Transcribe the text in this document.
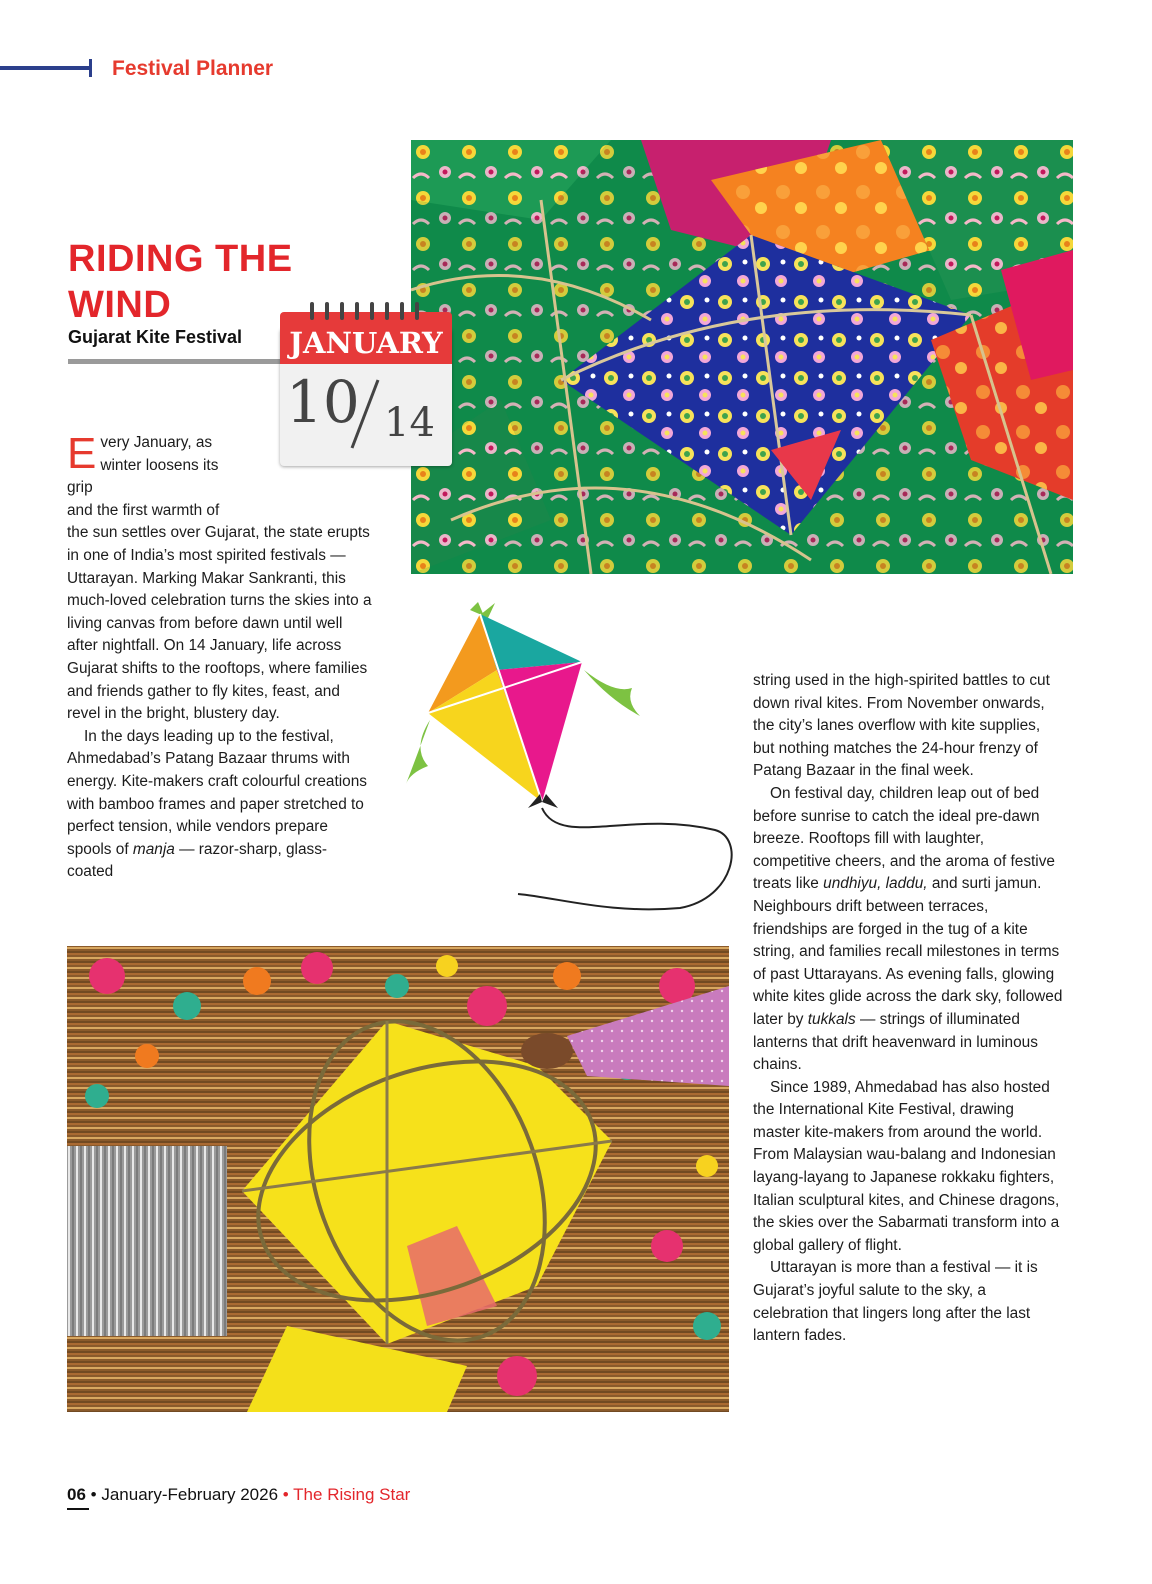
Festival Planner
RIDING THE WIND
Gujarat Kite Festival	JANUARY
10 14

E very January, as
winter loosens its grip
and the first warmth of
the sun settles over Gujarat, the state erupts in one of India’s most spirited festivals — Uttarayan. Marking Makar Sankranti, this much-loved celebration turns the skies into a living canvas from before dawn until well after nightfall. On 14 January, life across Gujarat shifts to the rooftops, where families and friends gather to fly kites, feast, and revel in the bright, blustery day.

In the days leading up to the festival, Ahmedabad’s Patang Bazaar thrums with energy. Kite-makers craft colourful creations with bamboo frames and paper stretched to perfect tension, while vendors prepare spools of manja — razor-sharp, glass-coated

string used in the high-spirited battles to cut down rival kites. From November onwards, the city’s lanes overflow with kite supplies, but nothing matches the 24-hour frenzy of Patang Bazaar in the final week.

On festival day, children leap out of bed before sunrise to catch the ideal pre-dawn breeze. Rooftops fill with laughter, competitive cheers, and the aroma of festive treats like undhiyu, laddu, and surti jamun. Neighbours drift between terraces, friendships are forged in the tug of a kite string, and families recall milestones in terms of past Uttarayans. As evening falls, glowing white kites glide across the dark sky, followed later by tukkals — strings of illuminated lanterns that drift heavenward in luminous chains.

Since 1989, Ahmedabad has also hosted the International Kite Festival, drawing master kite-makers from around the world. From Malaysian wau-balang and Indonesian layang-layang to Japanese rokkaku fighters, Italian sculptural kites, and Chinese dragons, the skies over the Sabarmati transform into a global gallery of flight.

Uttarayan is more than a festival — it is Gujarat’s joyful salute to the sky, a celebration that lingers long after the last lantern fades.

06 • January-February 2026 • The Rising Star
